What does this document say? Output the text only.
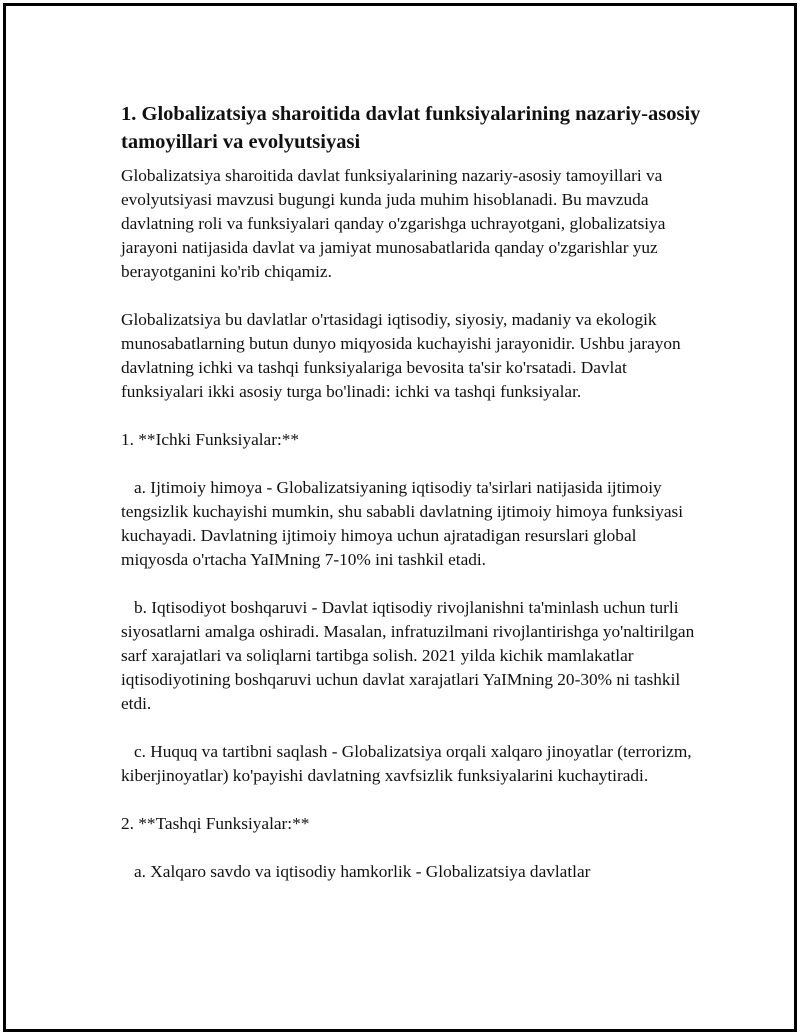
1. Globalizatsiya sharoitida davlat funksiyalarining nazariy-asosiy tamoyillari va evolyutsiyasi

Globalizatsiya sharoitida davlat funksiyalarining nazariy-asosiy tamoyillari va evolyutsiyasi mavzusi bugungi kunda juda muhim hisoblanadi. Bu mavzuda davlatning roli va funksiyalari qanday o'zgarishga uchrayotgani, globalizatsiya jarayoni natijasida davlat va jamiyat munosabatlarida qanday o'zgarishlar yuz berayotganini ko'rib chiqamiz.

Globalizatsiya bu davlatlar o'rtasidagi iqtisodiy, siyosiy, madaniy va ekologik munosabatlarning butun dunyo miqyosida kuchayishi jarayonidir. Ushbu jarayon davlatning ichki va tashqi funksiyalariga bevosita ta'sir ko'rsatadi. Davlat funksiyalari ikki asosiy turga bo'linadi: ichki va tashqi funksiyalar.

1. **Ichki Funksiyalar:**

a. Ijtimoiy himoya - Globalizatsiyaning iqtisodiy ta'sirlari natijasida ijtimoiy tengsizlik kuchayishi mumkin, shu sababli davlatning ijtimoiy himoya funksiyasi kuchayadi. Davlatning ijtimoiy himoya uchun ajratadigan resurslari global miqyosda o'rtacha YaIMning 7-10% ini tashkil etadi.

b. Iqtisodiyot boshqaruvi - Davlat iqtisodiy rivojlanishni ta'minlash uchun turli siyosatlarni amalga oshiradi. Masalan, infratuzilmani rivojlantirishga yo'naltirilgan sarf xarajatlari va soliqlarni tartibga solish. 2021 yilda kichik mamlakatlar iqtisodiyotining boshqaruvi uchun davlat xarajatlari YaIMning 20-30% ni tashkil etdi.

c. Huquq va tartibni saqlash - Globalizatsiya orqali xalqaro jinoyatlar (terrorizm, kiberjinoyatlar) ko'payishi davlatning xavfsizlik funksiyalarini kuchaytiradi.

2. **Tashqi Funksiyalar:**

a. Xalqaro savdo va iqtisodiy hamkorlik - Globalizatsiya davlatlar
